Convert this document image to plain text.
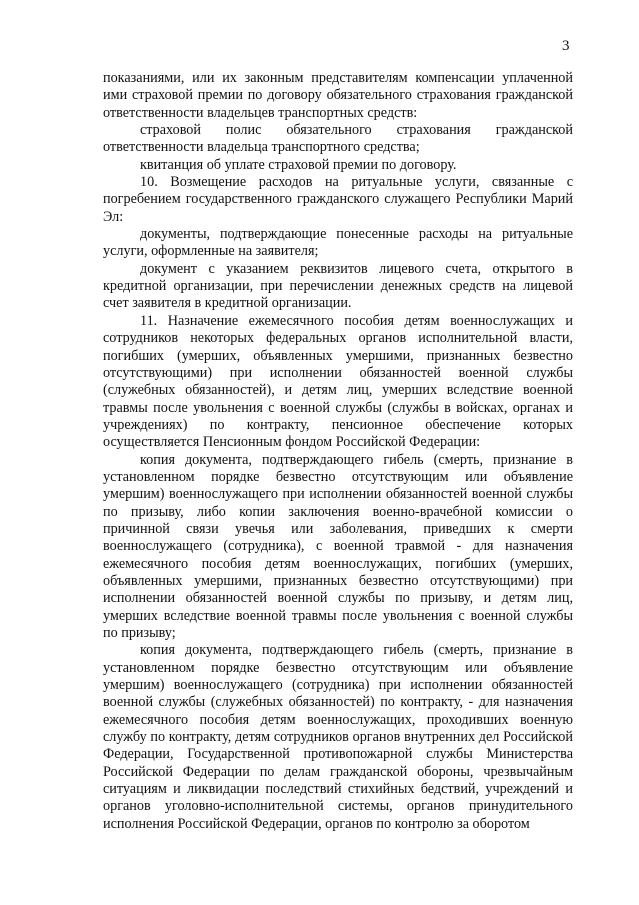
3

показаниями, или их законным представителям компенсации уплаченной ими страховой премии по договору обязательного страхования гражданской ответственности владельцев транспортных средств:

страховой полис обязательного страхования гражданской ответственности владельца транспортного средства;

квитанция об уплате страховой премии по договору.

10. Возмещение расходов на ритуальные услуги, связанные с погребением государственного гражданского служащего Республики Марий Эл:

документы, подтверждающие понесенные расходы на ритуальные услуги, оформленные на заявителя;

документ с указанием реквизитов лицевого счета, открытого в кредитной организации, при перечислении денежных средств на лицевой счет заявителя в кредитной организации.

11. Назначение ежемесячного пособия детям военнослужащих и сотрудников некоторых федеральных органов исполнительной власти, погибших (умерших, объявленных умершими, признанных безвестно отсутствующими) при исполнении обязанностей военной службы (служебных обязанностей), и детям лиц, умерших вследствие военной травмы после увольнения с военной службы (службы в войсках, органах и учреждениях) по контракту, пенсионное обеспечение которых осуществляется Пенсионным фондом Российской Федерации:

копия документа, подтверждающего гибель (смерть, признание в установленном порядке безвестно отсутствующим или объявление умершим) военнослужащего при исполнении обязанностей военной службы по призыву, либо копии заключения военно-врачебной комиссии о причинной связи увечья или заболевания, приведших к смерти военнослужащего (сотрудника), с военной травмой - для назначения ежемесячного пособия детям военнослужащих, погибших (умерших, объявленных умершими, признанных безвестно отсутствующими) при исполнении обязанностей военной службы по призыву, и детям лиц, умерших вследствие военной травмы после увольнения с военной службы по призыву;

копия документа, подтверждающего гибель (смерть, признание в установленном порядке безвестно отсутствующим или объявление умершим) военнослужащего (сотрудника) при исполнении обязанностей военной службы (служебных обязанностей) по контракту, - для назначения ежемесячного пособия детям военнослужащих, проходивших военную службу по контракту, детям сотрудников органов внутренних дел Российской Федерации, Государственной противопожарной службы Министерства Российской Федерации по делам гражданской обороны, чрезвычайным ситуациям и ликвидации последствий стихийных бедствий, учреждений и органов уголовно-исполнительной системы, органов принудительного исполнения Российской Федерации, органов по контролю за оборотом
